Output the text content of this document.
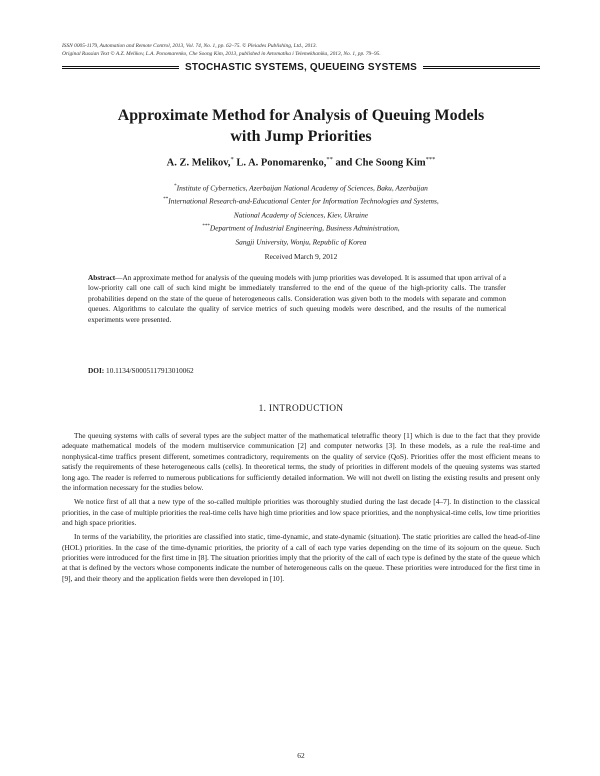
ISSN 0005-1179, Automation and Remote Control, 2013, Vol. 74, No. 1, pp. 62–75. © Pleiades Publishing, Ltd., 2013.
Original Russian Text © A.Z. Melikov, L.A. Ponomarenko, Che Soong Kim, 2013, published in Avtomatika i Telemekhanika, 2013, No. 1, pp. 79–95.
STOCHASTIC SYSTEMS, QUEUEING SYSTEMS
Approximate Method for Analysis of Queuing Models
with Jump Priorities
A. Z. Melikov,* L. A. Ponomarenko,** and Che Soong Kim***
*Institute of Cybernetics, Azerbaijan National Academy of Sciences, Baku, Azerbaijan
**International Research-and-Educational Center for Information Technologies and Systems,
National Academy of Sciences, Kiev, Ukraine
***Department of Industrial Engineering, Business Administration,
Sangji University, Wonju, Republic of Korea
Received March 9, 2012
Abstract—An approximate method for analysis of the queuing models with jump priorities was developed. It is assumed that upon arrival of a low-priority call one call of such kind might be immediately transferred to the end of the queue of the high-priority calls. The transfer probabilities depend on the state of the queue of heterogeneous calls. Consideration was given both to the models with separate and common queues. Algorithms to calculate the quality of service metrics of such queuing models were described, and the results of the numerical experiments were presented.
DOI: 10.1134/S0005117913010062
1. INTRODUCTION

The queuing systems with calls of several types are the subject matter of the mathematical teletraffic theory [1] which is due to the fact that they provide adequate mathematical models of the modern multiservice communication [2] and computer networks [3]. In these models, as a rule the real-time and nonphysical-time traffics present different, sometimes contradictory, requirements on the quality of service (QoS). Priorities offer the most efficient means to satisfy the requirements of these heterogeneous calls (cells). In theoretical terms, the study of priorities in different models of the queuing systems was started long ago. The reader is referred to numerous publications for sufficiently detailed information. We will not dwell on listing the existing results and present only the information necessary for the studies below.

We notice first of all that a new type of the so-called multiple priorities was thoroughly studied during the last decade [4–7]. In distinction to the classical priorities, in the case of multiple priorities the real-time cells have high time priorities and low space priorities, and the nonphysical-time cells, low time priorities and high space priorities.

In terms of the variability, the priorities are classified into static, time-dynamic, and state-dynamic (situation). The static priorities are called the head-of-line (HOL) priorities. In the case of the time-dynamic priorities, the priority of a call of each type varies depending on the time of its sojourn on the queue. Such priorities were introduced for the first time in [8]. The situation priorities imply that the priority of the call of each type is defined by the state of the queue which at that is defined by the vectors whose components indicate the number of heterogeneous calls on the queue. These priorities were introduced for the first time in [9], and their theory and the application fields were then developed in [10].

62
